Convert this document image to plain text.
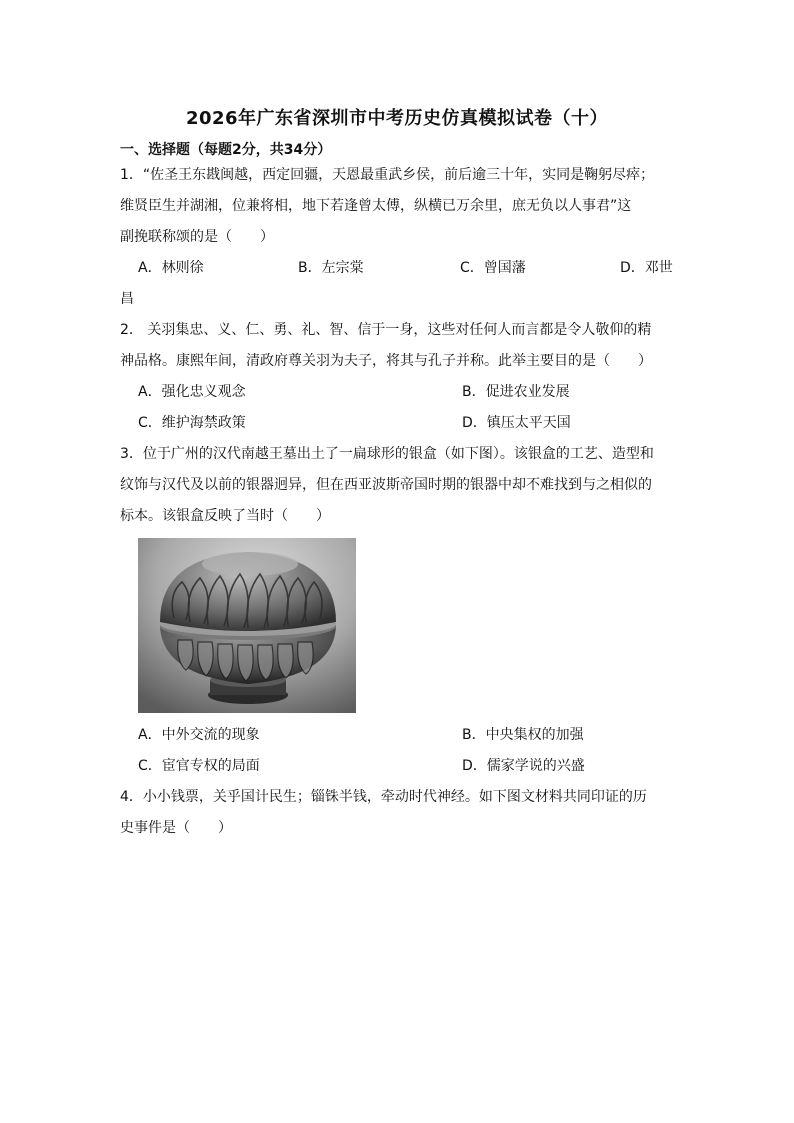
2026年广东省深圳市中考历史仿真模拟试卷（十）
一、选择题（每题2分，共34分）
1．“佐圣王东戡闽越，西定回疆，天恩最重武乡侯，前后逾三十年，实同是鞠躬尽瘁；
维贤臣生并湖湘，位兼将相，地下若逢曾太傅，纵横已万余里，庶无负以人事君”这
副挽联称颂的是（　　）
A．林则徐	B．左宗棠	C．曾国藩	D．邓世
昌
2． 关羽集忠、义、仁、勇、礼、智、信于一身，这些对任何人而言都是令人敬仰的精
神品格。康熙年间，清政府尊关羽为夫子，将其与孔子并称。此举主要目的是（　　）
A．强化忠义观念	B．促进农业发展
C．维护海禁政策	D．镇压太平天国
3．位于广州的汉代南越王墓出土了一扁球形的银盒（如下图）。该银盒的工艺、造型和
纹饰与汉代及以前的银器迥异，但在西亚波斯帝国时期的银器中却不难找到与之相似的
标本。该银盒反映了当时（　　）
A．中外交流的现象	B．中央集权的加强
C．宦官专权的局面	D．儒家学说的兴盛
4．小小钱票，关乎国计民生；锱铢半钱，牵动时代神经。如下图文材料共同印证的历
史事件是（　　）
